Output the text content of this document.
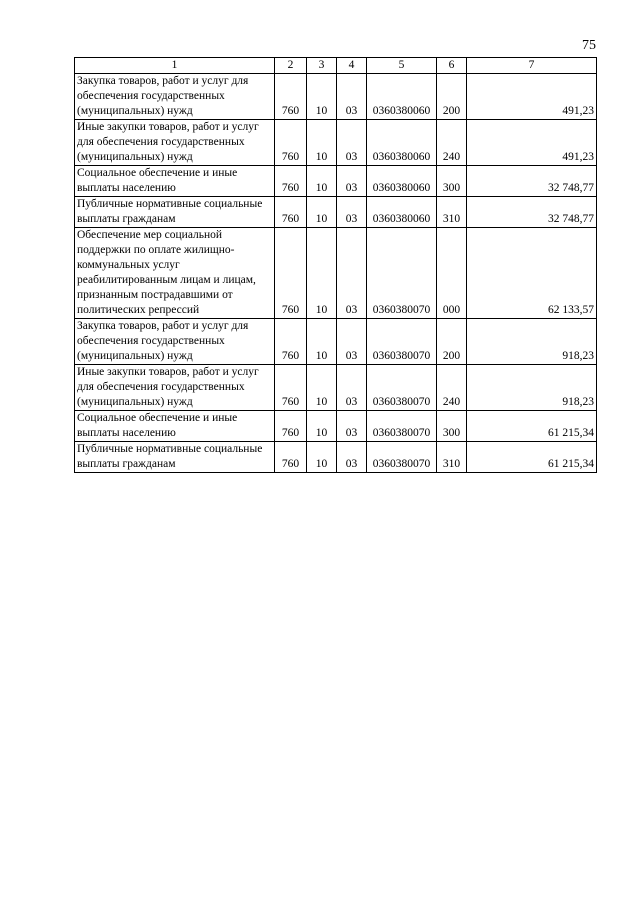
75
1	2	3	4	5	6	7
Закупка товаров, работ и услуг для обеспечения государственных (муниципальных) нужд	760	10	03	0360380060	200	491,23
Иные закупки товаров, работ и услуг для обеспечения государственных (муниципальных) нужд	760	10	03	0360380060	240	491,23
Социальное обеспечение и иные выплаты населению	760	10	03	0360380060	300	32 748,77
Публичные нормативные социальные выплаты гражданам	760	10	03	0360380060	310	32 748,77
Обеспечение мер социальной поддержки по оплате жилищно-коммунальных услуг реабилитированным лицам и лицам, признанным пострадавшими от политических репрессий	760	10	03	0360380070	000	62 133,57
Закупка товаров, работ и услуг для обеспечения государственных (муниципальных) нужд	760	10	03	0360380070	200	918,23
Иные закупки товаров, работ и услуг для обеспечения государственных (муниципальных) нужд	760	10	03	0360380070	240	918,23
Социальное обеспечение и иные выплаты населению	760	10	03	0360380070	300	61 215,34
Публичные нормативные социальные выплаты гражданам	760	10	03	0360380070	310	61 215,34
